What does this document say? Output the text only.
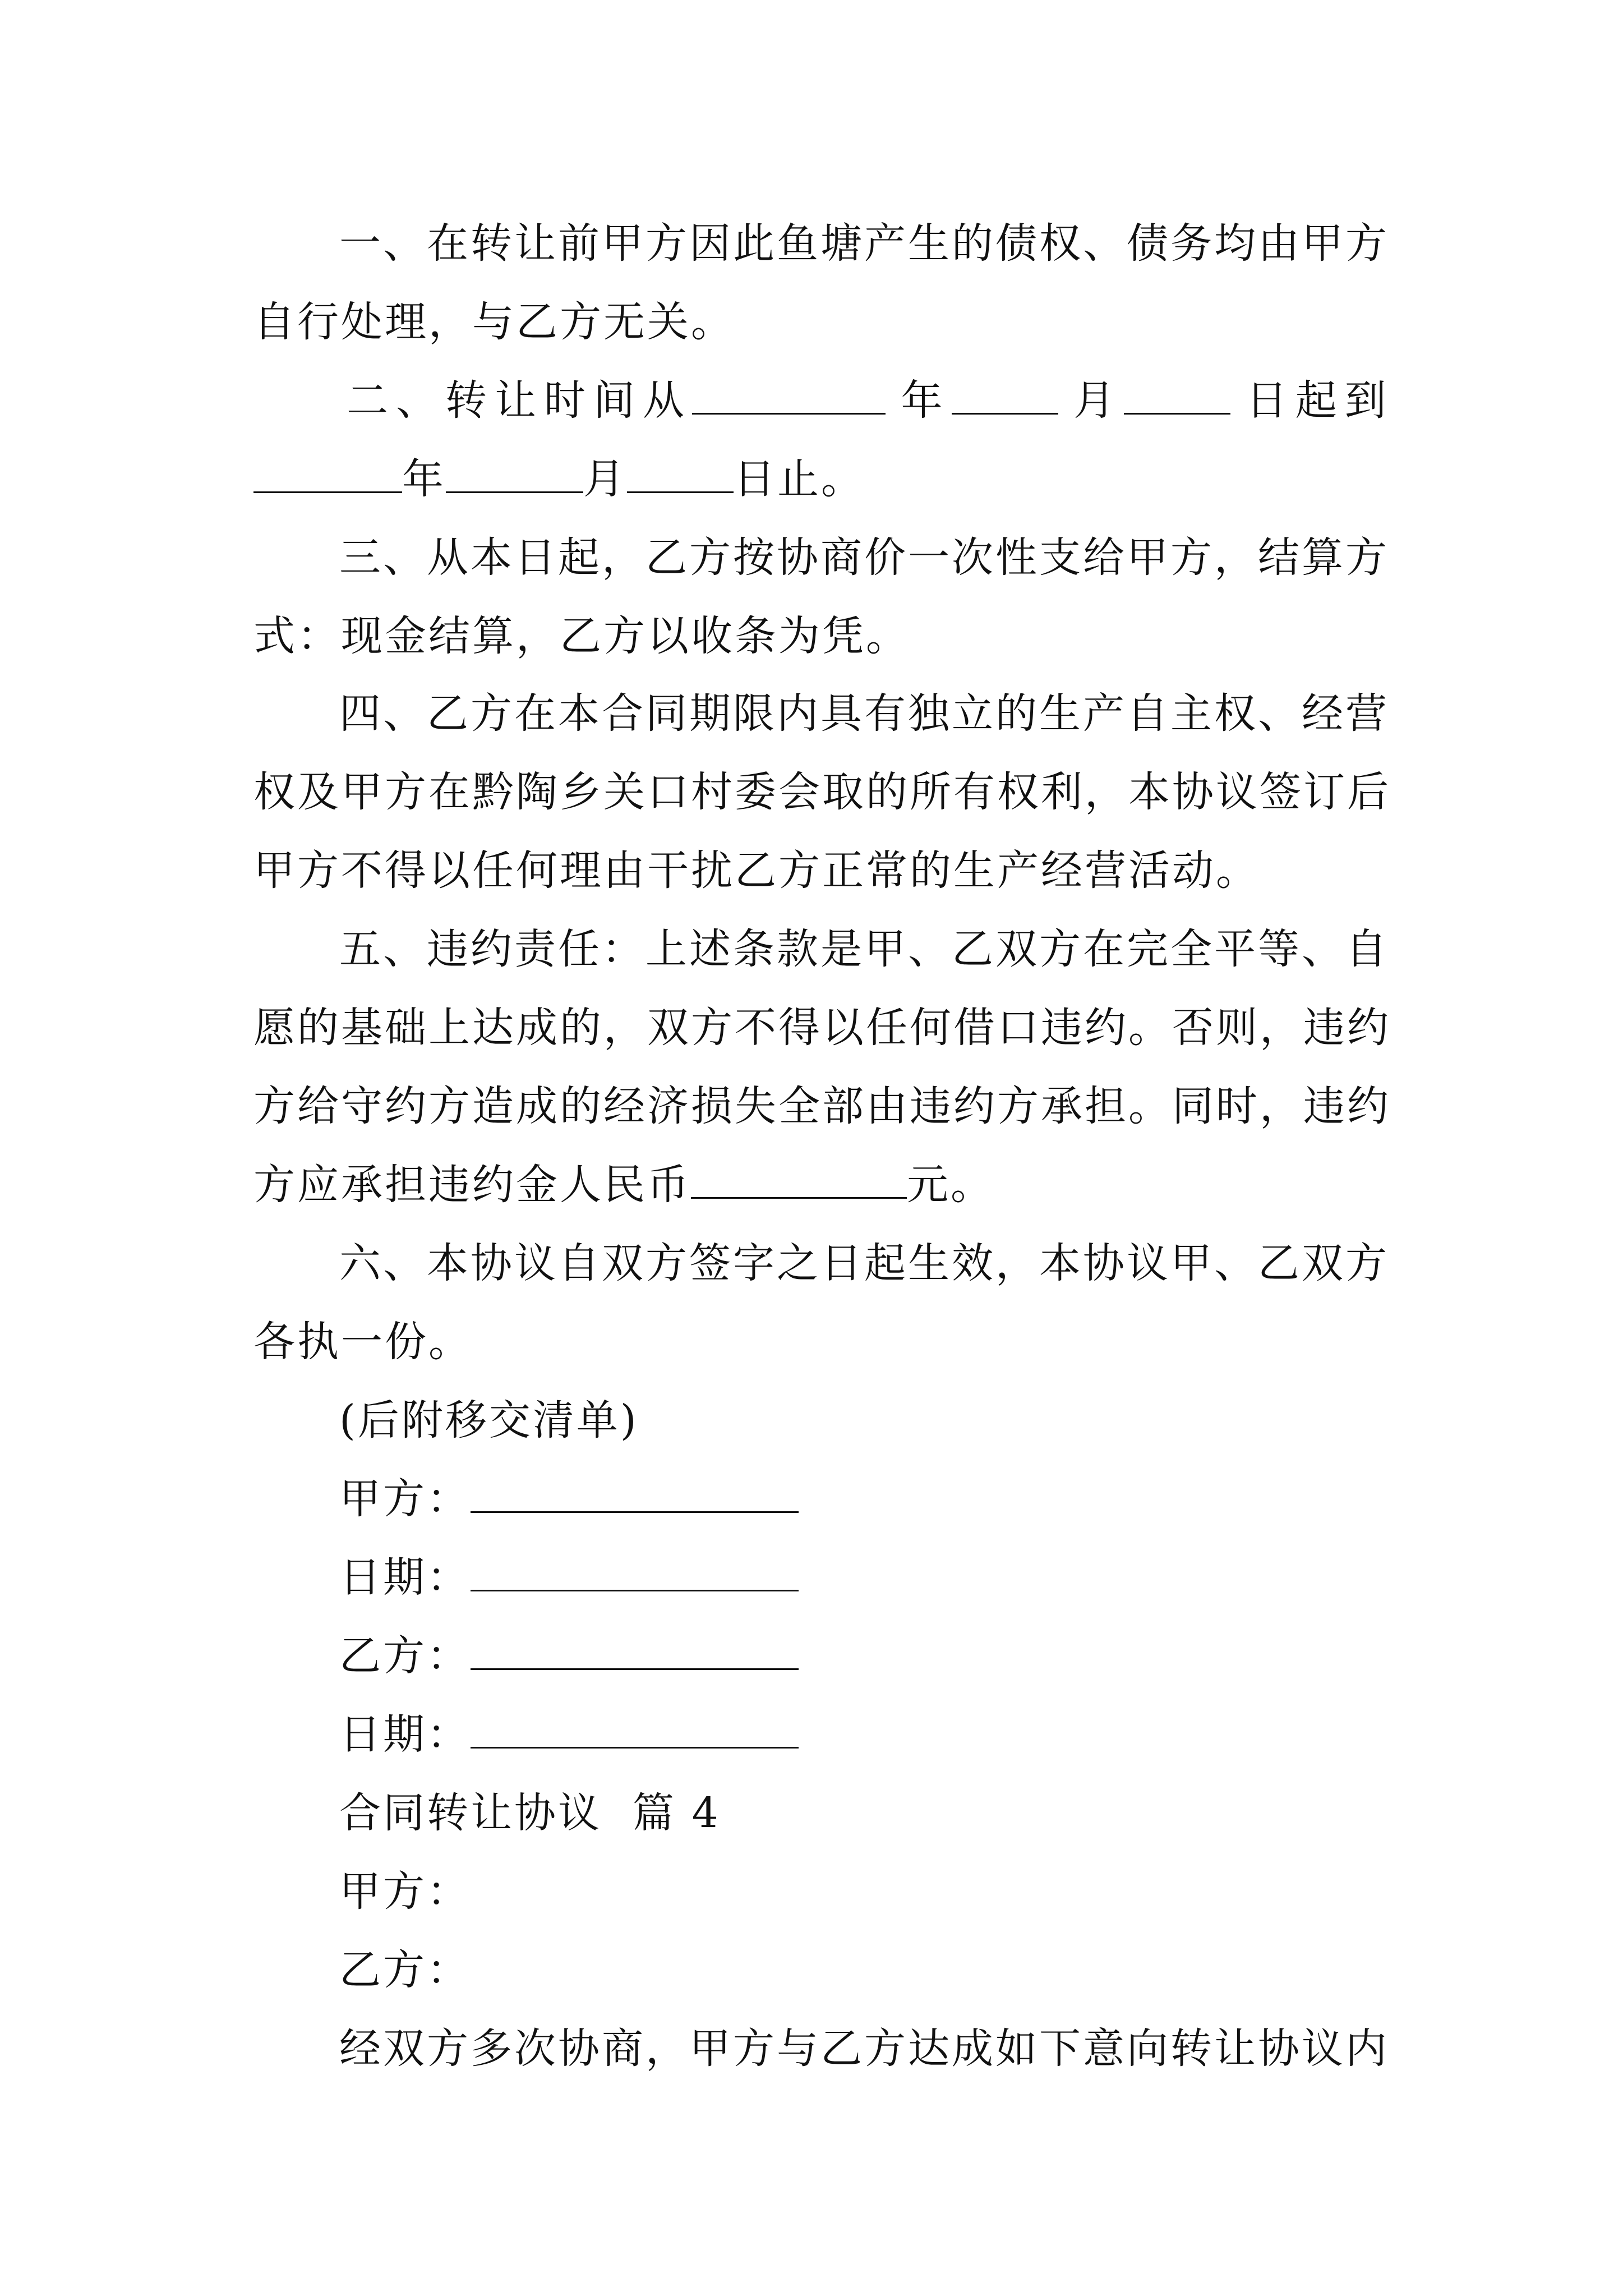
一、在转让前甲方因此鱼塘产生的债权、债务均由甲方
自行处理，与乙方无关。
二、转让时间从	年	月	日起到
年	月	日止。
三、从本日起，乙方按协商价一次性支给甲方，结算方
式：现金结算，乙方以收条为凭。
四、乙方在本合同期限内具有独立的生产自主权、经营
权及甲方在黔陶乡关口村委会取的所有权利，本协议签订后
甲方不得以任何理由干扰乙方正常的生产经营活动。
五、违约责任：上述条款是甲、乙双方在完全平等、自
愿的基础上达成的，双方不得以任何借口违约。否则，违约
方给守约方造成的经济损失全部由违约方承担。同时，违约
方应承担违约金人民币	元。
六、本协议自双方签字之日起生效，本协议甲、乙双方
各执一份。
(后附移交清单)
甲方：
日期：
乙方：
日期：
合同转让协议  篇 4
甲方：
乙方：
经双方多次协商，甲方与乙方达成如下意向转让协议内
